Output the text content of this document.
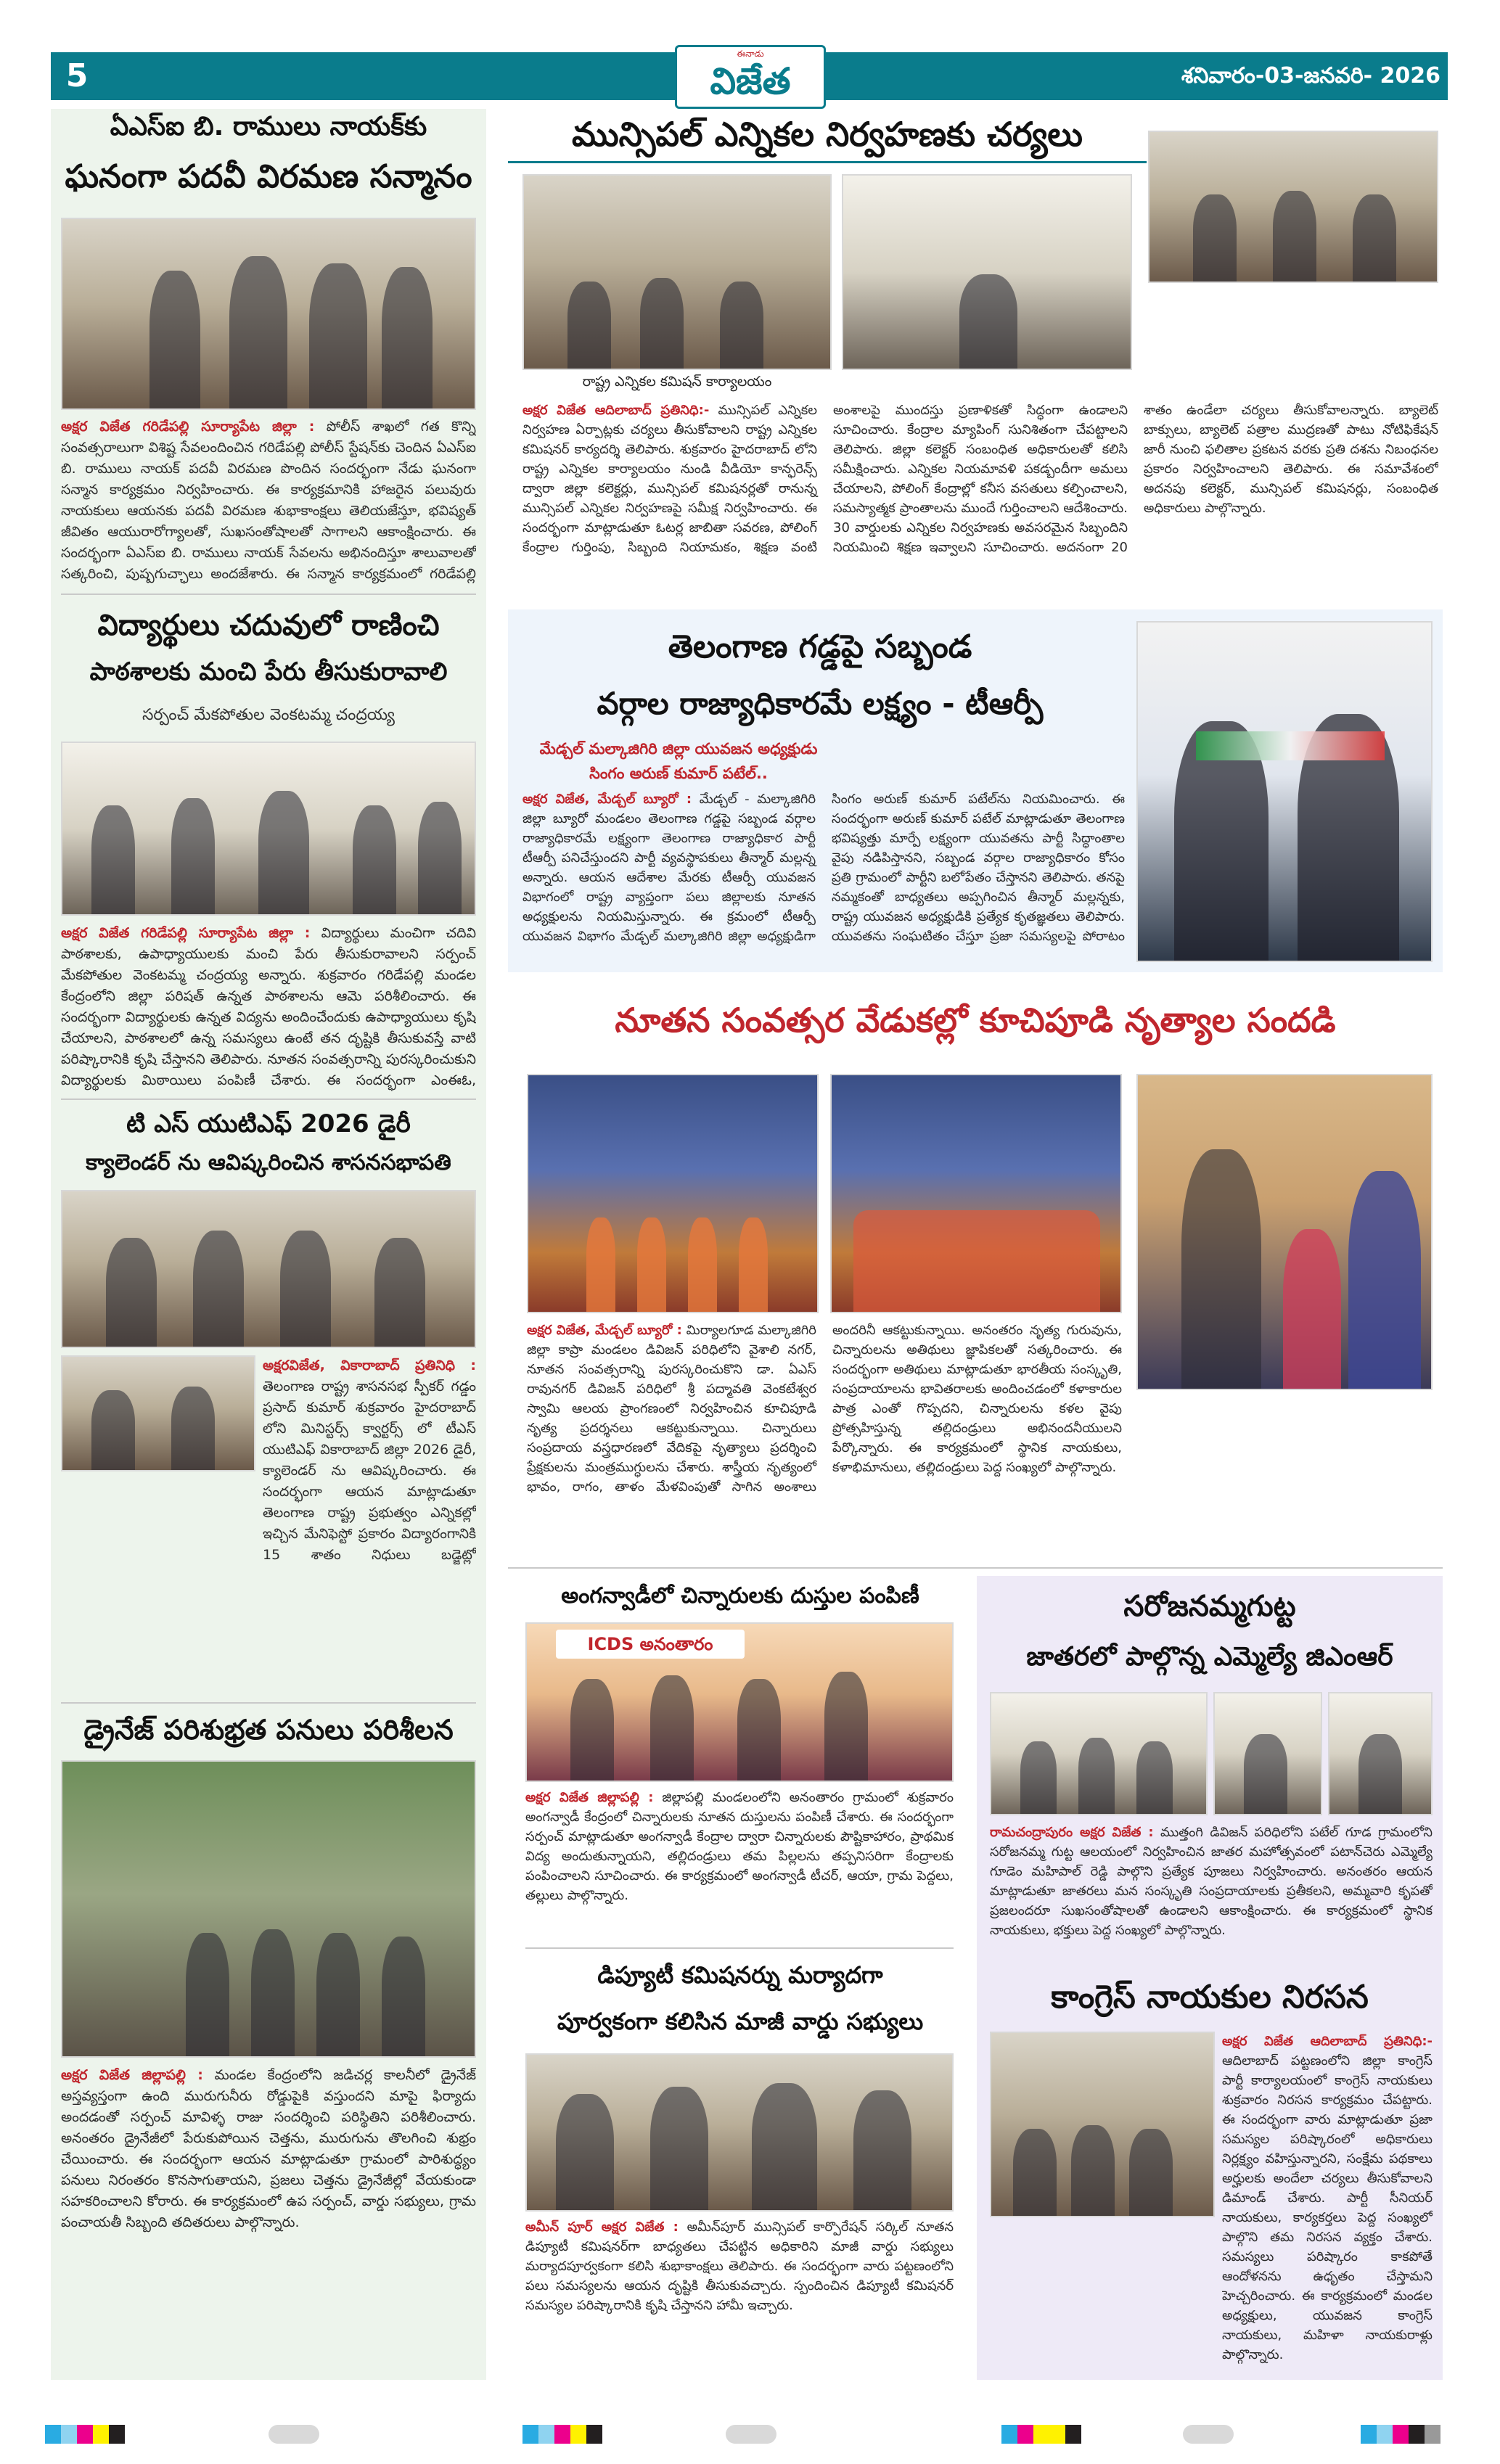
5
ఈనాడు
విజేత	శనివారం-03-జనవరి- 2026
ఏఎస్ఐ బి. రాములు నాయక్‌కు
ఘనంగా పదవీ విరమణ సన్మానం
అక్షర విజేత గరిడేపల్లి సూర్యాపేట జిల్లా : పోలీస్ శాఖలో గత కొన్ని సంవత్సరాలుగా విశిష్ట సేవలందించిన గరిడేపల్లి పోలీస్ స్టేషన్‌కు చెందిన ఏఎస్ఐ బి. రాములు నాయక్ పదవీ విరమణ పొందిన సందర్భంగా నేడు ఘనంగా సన్మాన కార్యక్రమం నిర్వహించారు. ఈ కార్యక్రమానికి హాజరైన పలువురు నాయకులు ఆయనకు పదవీ విరమణ శుభాకాంక్షలు తెలియజేస్తూ, భవిష్యత్ జీవితం ఆయురారోగ్యాలతో, సుఖసంతోషాలతో సాగాలని ఆకాంక్షించారు. ఈ సందర్భంగా ఏఎస్ఐ బి. రాములు నాయక్ సేవలను అభినందిస్తూ శాలువాలతో సత్కరించి, పుష్పగుచ్ఛాలు అందజేశారు. ఈ సన్మాన కార్యక్రమంలో గరిడేపల్లి
విద్యార్థులు చదువులో రాణించి
పాఠశాలకు మంచి పేరు తీసుకురావాలి
సర్పంచ్ మేకపోతుల వెంకటమ్మ చంద్రయ్య
అక్షర విజేత గరిడేపల్లి సూర్యాపేట జిల్లా : విద్యార్థులు మంచిగా చదివి పాఠశాలకు, ఉపాధ్యాయులకు మంచి పేరు తీసుకురావాలని సర్పంచ్ మేకపోతుల వెంకటమ్మ చంద్రయ్య అన్నారు. శుక్రవారం గరిడేపల్లి మండల కేంద్రంలోని జిల్లా పరిషత్ ఉన్నత పాఠశాలను ఆమె పరిశీలించారు. ఈ సందర్భంగా విద్యార్థులకు ఉన్నత విద్యను అందించేందుకు ఉపాధ్యాయులు కృషి చేయాలని, పాఠశాలలో ఉన్న సమస్యలు ఉంటే తన దృష్టికి తీసుకువస్తే వాటి పరిష్కారానికి కృషి చేస్తానని తెలిపారు. నూతన సంవత్సరాన్ని పురస్కరించుకుని విద్యార్థులకు మిఠాయిలు పంపిణీ చేశారు. ఈ సందర్భంగా ఎంఈఓ,
టి ఎస్ యుటిఎఫ్ 2026 డైరీ
క్యాలెండర్ ను ఆవిష్కరించిన శాసనసభాపతి
అక్షరవిజేత, వికారాబాద్ ప్రతినిధి : తెలంగాణ రాష్ట్ర శాసనసభ స్పీకర్ గడ్డం ప్రసాద్ కుమార్ శుక్రవారం హైదరాబాద్ లోని మినిస్టర్స్ క్వార్టర్స్ లో టీఎస్ యుటిఎఫ్ వికారాబాద్ జిల్లా 2026 డైరీ, క్యాలెండర్ ను ఆవిష్కరించారు. ఈ సందర్భంగా ఆయన మాట్లాడుతూ తెలంగాణ రాష్ట్ర ప్రభుత్వం ఎన్నికల్లో ఇచ్చిన మేనిఫెస్టో ప్రకారం విద్యారంగానికి 15 శాతం నిధులు బడ్జెట్లో
డ్రైనేజ్ పరిశుభ్రత పనులు పరిశీలన
అక్షర విజేత జిల్లాపల్లి : మండల కేంద్రంలోని జడిచర్ల కాలనీలో డ్రైనేజ్ అస్తవ్యస్తంగా ఉంది మురుగునీరు రోడ్డుపైకి వస్తుందని మాపై ఫిర్యాదు అందడంతో సర్పంచ్ మావిళ్ళ రాజు సందర్శించి పరిస్థితిని పరిశీలించారు. అనంతరం డ్రైనేజీలో పేరుకుపోయిన చెత్తను, మురుగును తొలగించి శుభ్రం చేయించారు. ఈ సందర్భంగా ఆయన మాట్లాడుతూ గ్రామంలో పారిశుద్ధ్యం పనులు నిరంతరం కొనసాగుతాయని, ప్రజలు చెత్తను డ్రైనేజీల్లో వేయకుండా సహకరించాలని కోరారు. ఈ కార్యక్రమంలో ఉప సర్పంచ్, వార్డు సభ్యులు, గ్రామ పంచాయతీ సిబ్బంది తదితరులు పాల్గొన్నారు.
మున్సిపల్ ఎన్నికల నిర్వహణకు చర్యలు
రాష్ట్ర ఎన్నికల కమిషన్ కార్యాలయం
అక్షర విజేత ఆదిలాబాద్ ప్రతినిధి:- మున్సిపల్ ఎన్నికల నిర్వహణ ఏర్పాట్లకు చర్యలు తీసుకోవాలని రాష్ట్ర ఎన్నికల కమిషనర్ కార్యదర్శి తెలిపారు. శుక్రవారం హైదరాబాద్ లోని రాష్ట్ర ఎన్నికల కార్యాలయం నుండి వీడియో కాన్ఫరెన్స్ ద్వారా జిల్లా కలెక్టర్లు, మున్సిపల్ కమిషనర్లతో రానున్న మున్సిపల్ ఎన్నికల నిర్వహణపై సమీక్ష నిర్వహించారు. ఈ సందర్భంగా మాట్లాడుతూ ఓటర్ల జాబితా సవరణ, పోలింగ్ కేంద్రాల గుర్తింపు, సిబ్బంది నియామకం, శిక్షణ వంటి అంశాలపై ముందస్తు ప్రణాళికతో సిద్ధంగా ఉండాలని సూచించారు. కేంద్రాల మ్యాపింగ్ సునిశితంగా చేపట్టాలని తెలిపారు. జిల్లా కలెక్టర్ సంబంధిత అధికారులతో కలిసి సమీక్షించారు. ఎన్నికల నియమావళి పకడ్బందీగా అమలు చేయాలని, పోలింగ్ కేంద్రాల్లో కనీస వసతులు కల్పించాలని, సమస్యాత్మక ప్రాంతాలను ముందే గుర్తించాలని ఆదేశించారు. 30 వార్డులకు ఎన్నికల నిర్వహణకు అవసరమైన సిబ్బందిని నియమించి శిక్షణ ఇవ్వాలని సూచించారు. అదనంగా 20 శాతం ఉండేలా చర్యలు తీసుకోవాలన్నారు. బ్యాలెట్ బాక్సులు, బ్యాలెట్ పత్రాల ముద్రణతో పాటు నోటిఫికేషన్ జారీ నుంచి ఫలితాల ప్రకటన వరకు ప్రతి దశను నిబంధనల ప్రకారం నిర్వహించాలని తెలిపారు. ఈ సమావేశంలో అదనపు కలెక్టర్, మున్సిపల్ కమిషనర్లు, సంబంధిత అధికారులు పాల్గొన్నారు.
తెలంగాణ గడ్డపై సబ్బండ
వర్గాల రాజ్యాధికారమే లక్ష్యం - టీఆర్పీ
మేడ్చల్ మల్కాజిగిరి జిల్లా యువజన అధ్యక్షుడు
సింగం అరుణ్ కుమార్ పటేల్..
అక్షర విజేత, మేడ్చల్ బ్యూరో : మేడ్చల్ - మల్కాజిగిరి జిల్లా బ్యూరో మండలం తెలంగాణ గడ్డపై సబ్బండ వర్గాల రాజ్యాధికారమే లక్ష్యంగా తెలంగాణ రాజ్యాధికార పార్టీ టీఆర్పీ పనిచేస్తుందని పార్టీ వ్యవస్థాపకులు తీన్మార్ మల్లన్న అన్నారు. ఆయన ఆదేశాల మేరకు టీఆర్పీ యువజన విభాగంలో రాష్ట్ర వ్యాప్తంగా పలు జిల్లాలకు నూతన అధ్యక్షులను నియమిస్తున్నారు. ఈ క్రమంలో టీఆర్పీ యువజన విభాగం మేడ్చల్ మల్కాజిగిరి జిల్లా అధ్యక్షుడిగా సింగం అరుణ్ కుమార్ పటేల్‌ను నియమించారు. ఈ సందర్భంగా అరుణ్ కుమార్ పటేల్ మాట్లాడుతూ తెలంగాణ భవిష్యత్తు మార్పే లక్ష్యంగా యువతను పార్టీ సిద్ధాంతాల వైపు నడిపిస్తానని, సబ్బండ వర్గాల రాజ్యాధికారం కోసం ప్రతి గ్రామంలో పార్టీని బలోపేతం చేస్తానని తెలిపారు. తనపై నమ్మకంతో బాధ్యతలు అప్పగించిన తీన్మార్ మల్లన్నకు, రాష్ట్ర యువజన అధ్యక్షుడికి ప్రత్యేక కృతజ్ఞతలు తెలిపారు. యువతను సంఘటితం చేస్తూ ప్రజా సమస్యలపై పోరాటం
నూతన సంవత్సర వేడుకల్లో కూచిపూడి నృత్యాల సందడి
అక్షర విజేత, మేడ్చల్ బ్యూరో : మిర్యాలగూడ మల్కాజిగిరి జిల్లా కాప్రా మండలం డివిజన్ పరిధిలోని వైశాలి నగర్, నూతన సంవత్సరాన్ని పురస్కరించుకొని డా. ఏఎస్ రావునగర్ డివిజన్ పరిధిలో శ్రీ పద్మావతి వెంకటేశ్వర స్వామి ఆలయ ప్రాంగణంలో నిర్వహించిన కూచిపూడి నృత్య ప్రదర్శనలు ఆకట్టుకున్నాయి. చిన్నారులు సంప్రదాయ వస్త్రధారణలో వేదికపై నృత్యాలు ప్రదర్శించి ప్రేక్షకులను మంత్రముగ్ధులను చేశారు. శాస్త్రీయ నృత్యంలో భావం, రాగం, తాళం మేళవింపుతో సాగిన అంశాలు అందరినీ ఆకట్టుకున్నాయి. అనంతరం నృత్య గురువును, చిన్నారులను అతిథులు జ్ఞాపికలతో సత్కరించారు. ఈ సందర్భంగా అతిథులు మాట్లాడుతూ భారతీయ సంస్కృతి, సంప్రదాయాలను భావితరాలకు అందించడంలో కళాకారుల పాత్ర ఎంతో గొప్పదని, చిన్నారులను కళల వైపు ప్రోత్సహిస్తున్న తల్లిదండ్రులు అభినందనీయులని పేర్కొన్నారు. ఈ కార్యక్రమంలో స్థానిక నాయకులు, కళాభిమానులు, తల్లిదండ్రులు పెద్ద సంఖ్యలో పాల్గొన్నారు.
అంగన్వాడీలో చిన్నారులకు దుస్తుల పంపిణీ
ICDS అనంతారం
అక్షర విజేత జిల్లాపల్లి : జిల్లాపల్లి మండలంలోని అనంతారం గ్రామంలో శుక్రవారం అంగన్వాడీ కేంద్రంలో చిన్నారులకు నూతన దుస్తులను పంపిణీ చేశారు. ఈ సందర్భంగా సర్పంచ్ మాట్లాడుతూ అంగన్వాడీ కేంద్రాల ద్వారా చిన్నారులకు పౌష్టికాహారం, ప్రాథమిక విద్య అందుతున్నాయని, తల్లిదండ్రులు తమ పిల్లలను తప్పనిసరిగా కేంద్రాలకు పంపించాలని సూచించారు. ఈ కార్యక్రమంలో అంగన్వాడీ టీచర్, ఆయా, గ్రామ పెద్దలు, తల్లులు పాల్గొన్నారు.
డిప్యూటీ కమిషనర్ను మర్యాదగా
పూర్వకంగా కలిసిన మాజీ వార్డు సభ్యులు
అమీన్ పూర్ అక్షర విజేత : అమీన్‌పూర్ మున్సిపల్ కార్పొరేషన్ సర్కిల్ నూతన డిప్యూటీ కమిషనర్‌గా బాధ్యతలు చేపట్టిన అధికారిని మాజీ వార్డు సభ్యులు మర్యాదపూర్వకంగా కలిసి శుభాకాంక్షలు తెలిపారు. ఈ సందర్భంగా వారు పట్టణంలోని పలు సమస్యలను ఆయన దృష్టికి తీసుకువచ్చారు. స్పందించిన డిప్యూటీ కమిషనర్ సమస్యల పరిష్కారానికి కృషి చేస్తానని హామీ ఇచ్చారు.
సరోజనమ్మగుట్ట
జాతరలో పాల్గొన్న ఎమ్మెల్యే జిఎంఆర్
రామచంద్రాపురం అక్షర విజేత : ముత్తంగి డివిజన్ పరిధిలోని పటేల్ గూడ గ్రామంలోని సరోజనమ్మ గుట్ట ఆలయంలో నిర్వహించిన జాతర మహోత్సవంలో పటాన్‌చెరు ఎమ్మెల్యే గూడెం మహిపాల్ రెడ్డి పాల్గొని ప్రత్యేక పూజలు నిర్వహించారు. అనంతరం ఆయన మాట్లాడుతూ జాతరలు మన సంస్కృతి సంప్రదాయాలకు ప్రతీకలని, అమ్మవారి కృపతో ప్రజలందరూ సుఖసంతోషాలతో ఉండాలని ఆకాంక్షించారు. ఈ కార్యక్రమంలో స్థానిక నాయకులు, భక్తులు పెద్ద సంఖ్యలో పాల్గొన్నారు.
కాంగ్రెస్ నాయకుల నిరసన
అక్షర విజేత ఆదిలాబాద్ ప్రతినిధి:- ఆదిలాబాద్ పట్టణంలోని జిల్లా కాంగ్రెస్ పార్టీ కార్యాలయంలో కాంగ్రెస్ నాయకులు శుక్రవారం నిరసన కార్యక్రమం చేపట్టారు. ఈ సందర్భంగా వారు మాట్లాడుతూ ప్రజా సమస్యల పరిష్కారంలో అధికారులు నిర్లక్ష్యం వహిస్తున్నారని, సంక్షేమ పథకాలు అర్హులకు అందేలా చర్యలు తీసుకోవాలని డిమాండ్ చేశారు. పార్టీ సీనియర్ నాయకులు, కార్యకర్తలు పెద్ద సంఖ్యలో పాల్గొని తమ నిరసన వ్యక్తం చేశారు. సమస్యలు పరిష్కారం కాకపోతే ఆందోళనను ఉధృతం చేస్తామని హెచ్చరించారు. ఈ కార్యక్రమంలో మండల అధ్యక్షులు, యువజన కాంగ్రెస్ నాయకులు, మహిళా నాయకురాళ్లు పాల్గొన్నారు.
